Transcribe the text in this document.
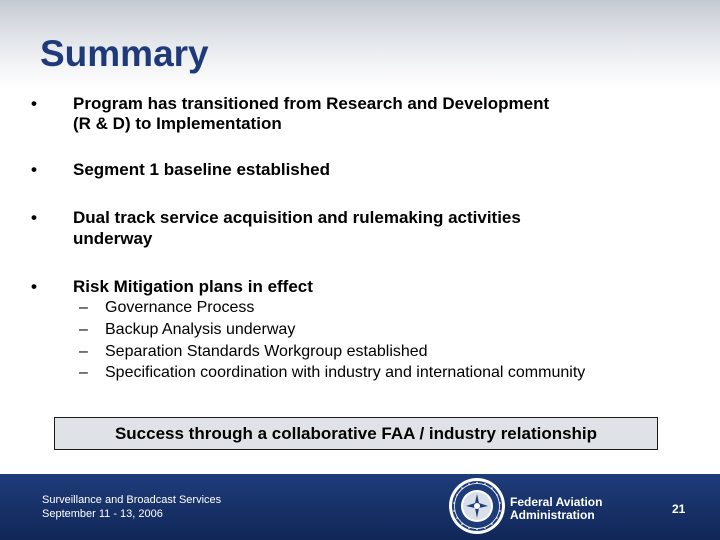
Summary
•	Program has transitioned from Research and Development
(R & D) to Implementation
•	Segment 1 baseline established
•	Dual track service acquisition and rulemaking activities
underway
•	Risk Mitigation plans in effect
– Governance Process
– Backup Analysis underway
– Separation Standards Workgroup established
– Specification coordination with industry and international community
Success through a collaborative FAA / industry relationship
Surveillance and Broadcast Services
September 11 - 13, 2006
Federal Aviation
Administration	21
